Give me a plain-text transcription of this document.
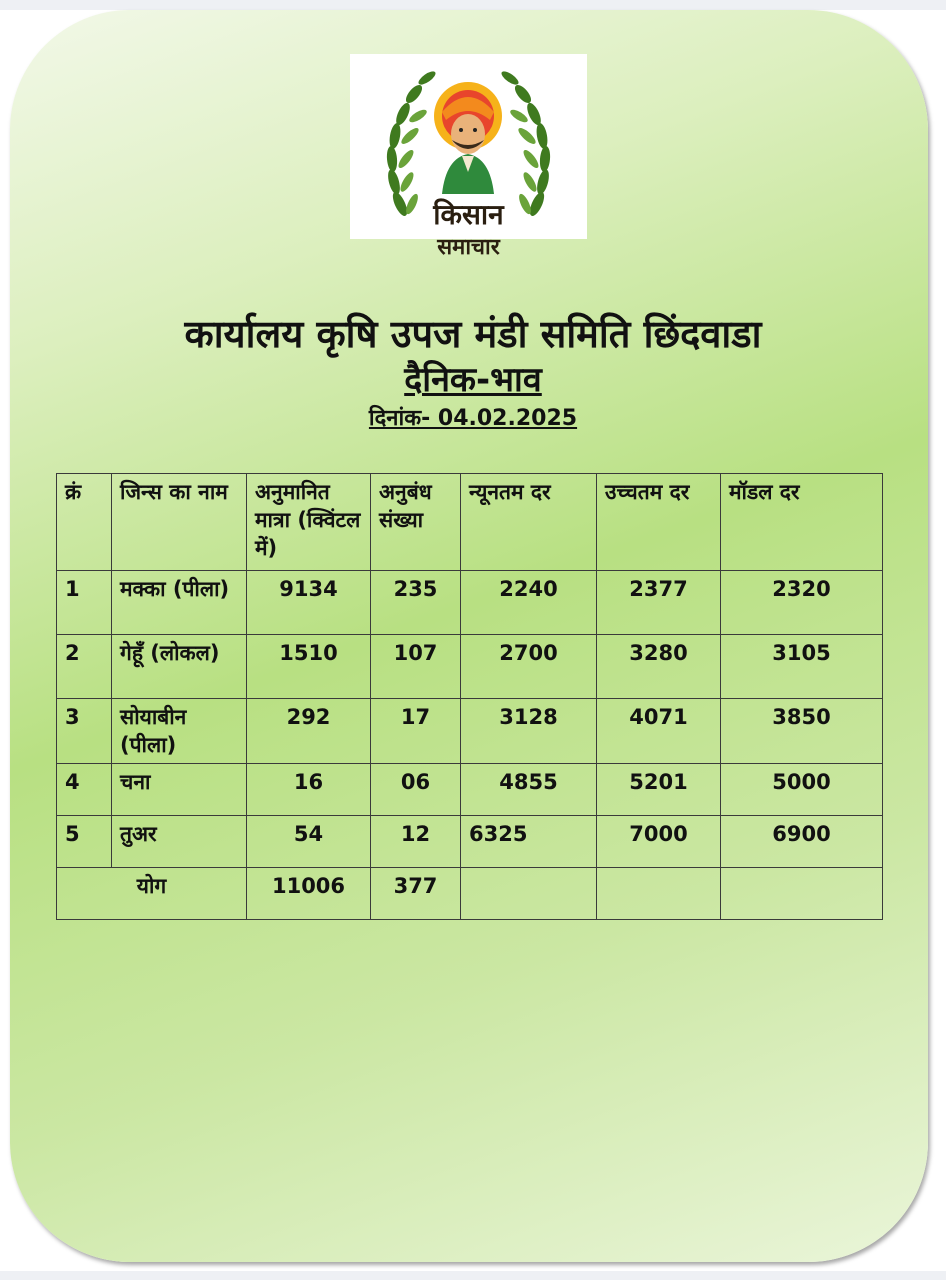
किसान
समाचार
कार्यालय कृषि उपज मंडी समिति छिंदवाडा
दैनिक-भाव
दिनांक- 04.02.2025
क्रं	जिन्स का नाम	अनुमानित मात्रा (क्विंटल में)	अनुबंध संख्या	न्यूनतम दर	उच्चतम दर	मॉडल दर
1	मक्का (पीला)	9134	235	2240	2377	2320
2	गेहूँ (लोकल)	1510	107	2700	3280	3105
3	सोयाबीन (पीला)	292	17	3128	4071	3850
4	चना	16	06	4855	5201	5000
5	तुअर	54	12	6325	7000	6900
योग		11006	377			
